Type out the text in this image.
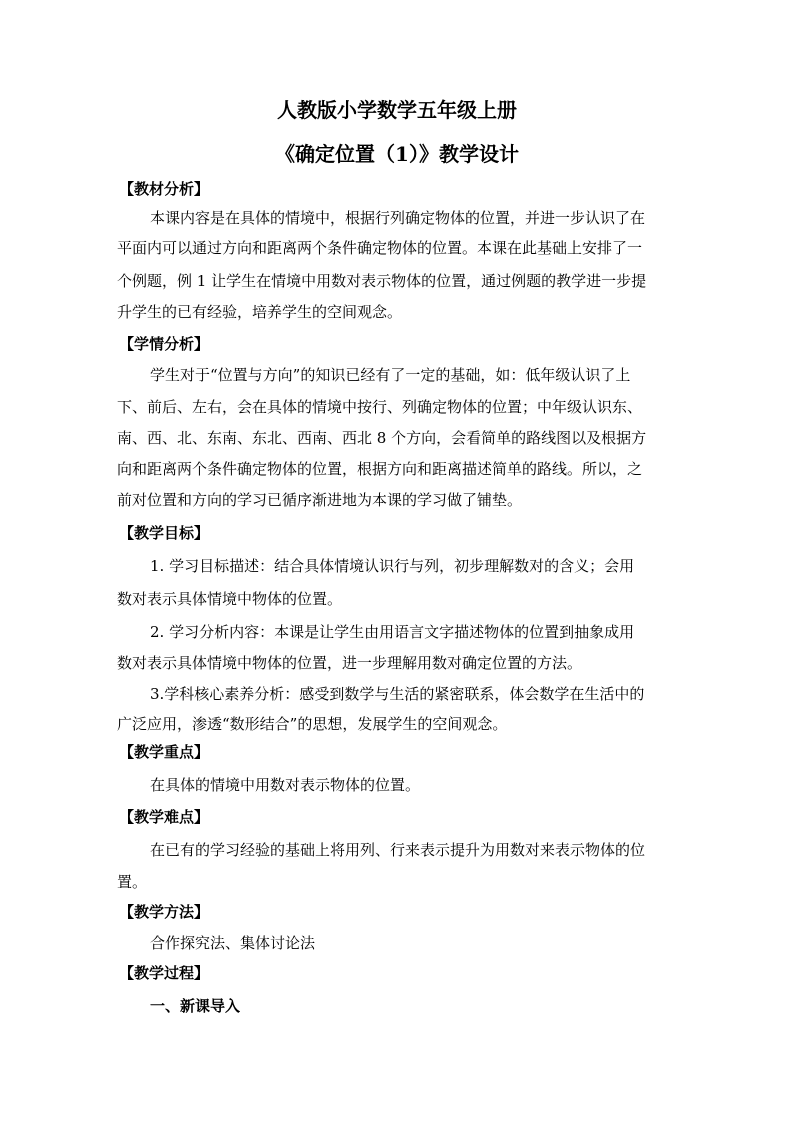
人教版小学数学五年级上册
《确定位置（1）》教学设计
【教材分析】
本课内容是在具体的情境中，根据行列确定物体的位置，并进一步认识了在
平面内可以通过方向和距离两个条件确定物体的位置。本课在此基础上安排了一
个例题，例 1 让学生在情境中用数对表示物体的位置，通过例题的教学进一步提
升学生的已有经验，培养学生的空间观念。
【学情分析】
学生对于“位置与方向”的知识已经有了一定的基础，如：低年级认识了上
下、前后、左右，会在具体的情境中按行、列确定物体的位置；中年级认识东、
南、西、北、东南、东北、西南、西北 8 个方向，会看简单的路线图以及根据方
向和距离两个条件确定物体的位置，根据方向和距离描述简单的路线。所以，之
前对位置和方向的学习已循序渐进地为本课的学习做了铺垫。
【教学目标】
1. 学习目标描述：结合具体情境认识行与列，初步理解数对的含义；会用
数对表示具体情境中物体的位置。
2. 学习分析内容：本课是让学生由用语言文字描述物体的位置到抽象成用
数对表示具体情境中物体的位置，进一步理解用数对确定位置的方法。
3.学科核心素养分析：感受到数学与生活的紧密联系，体会数学在生活中的
广泛应用，渗透“数形结合”的思想，发展学生的空间观念。
【教学重点】
在具体的情境中用数对表示物体的位置。
【教学难点】
在已有的学习经验的基础上将用列、行来表示提升为用数对来表示物体的位
置。
【教学方法】
合作探究法、集体讨论法
【教学过程】
一、新课导入
